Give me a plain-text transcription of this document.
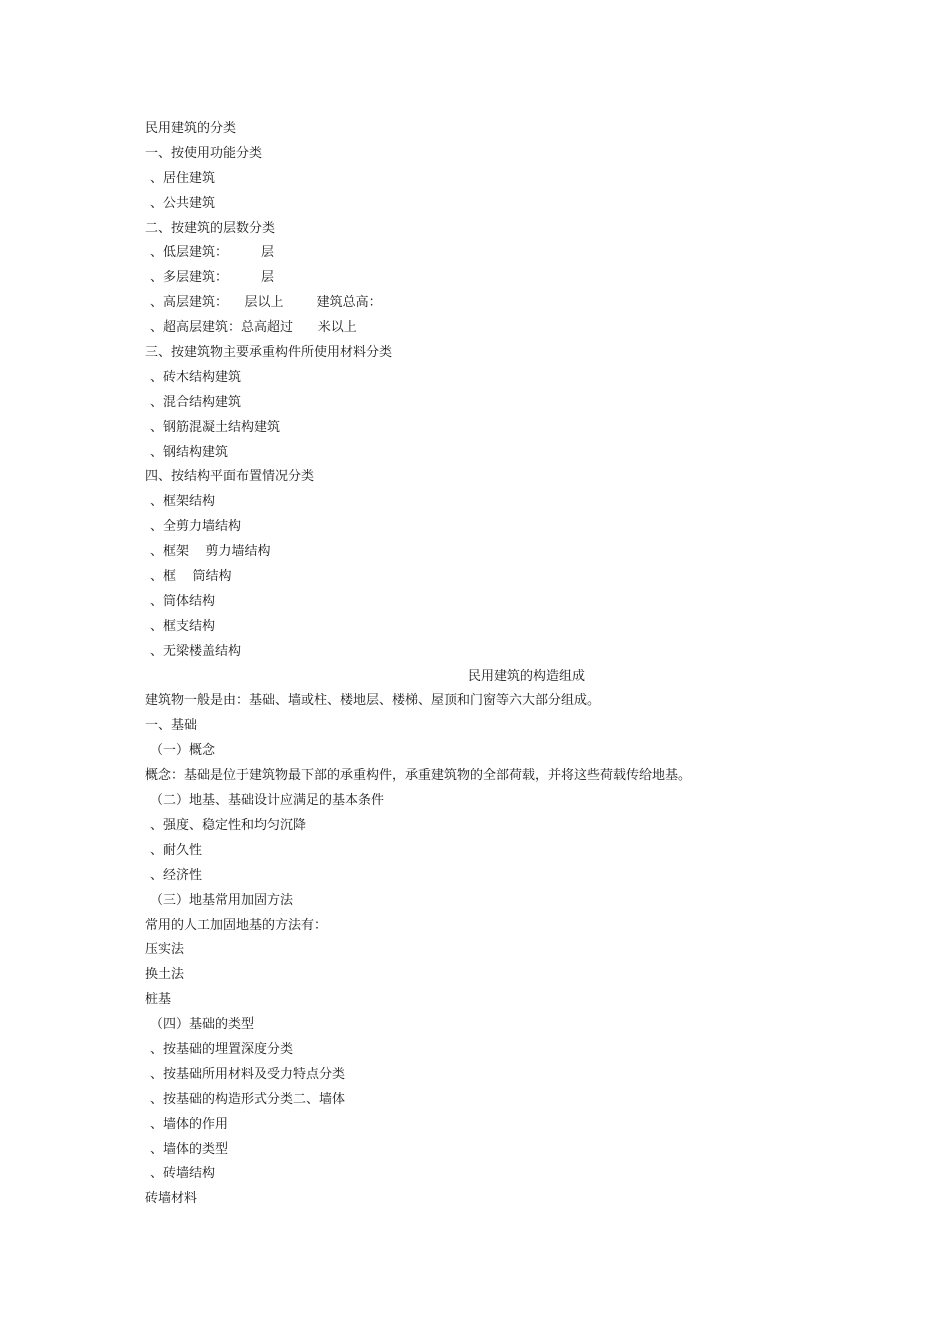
民用建筑的分类

一、按使用功能分类

、居住建筑

、公共建筑

二、按建筑的层数分类

、低层建筑：        层

、多层建筑：        层

、高层建筑：    层以上        建筑总高：

、超高层建筑：总高超过      米以上

三、按建筑物主要承重构件所使用材料分类

、砖木结构建筑

、混合结构建筑

、钢筋混凝土结构建筑

、钢结构建筑

四、按结构平面布置情况分类

、框架结构

、全剪力墙结构

、框架    剪力墙结构

、框    筒结构

、筒体结构

、框支结构

、无梁楼盖结构

民用建筑的构造组成

建筑物一般是由：基础、墙或柱、楼地层、楼梯、屋顶和门窗等六大部分组成。

一、基础

（一）概念

概念：基础是位于建筑物最下部的承重构件，承重建筑物的全部荷载，并将这些荷载传给地基。

（二）地基、基础设计应满足的基本条件

、强度、稳定性和均匀沉降

、耐久性

、经济性

（三）地基常用加固方法

常用的人工加固地基的方法有：

压实法

换土法

桩基

（四）基础的类型

、按基础的埋置深度分类

、按基础所用材料及受力特点分类

、按基础的构造形式分类二、墙体

、墙体的作用

、墙体的类型

、砖墙结构

砖墙材料
